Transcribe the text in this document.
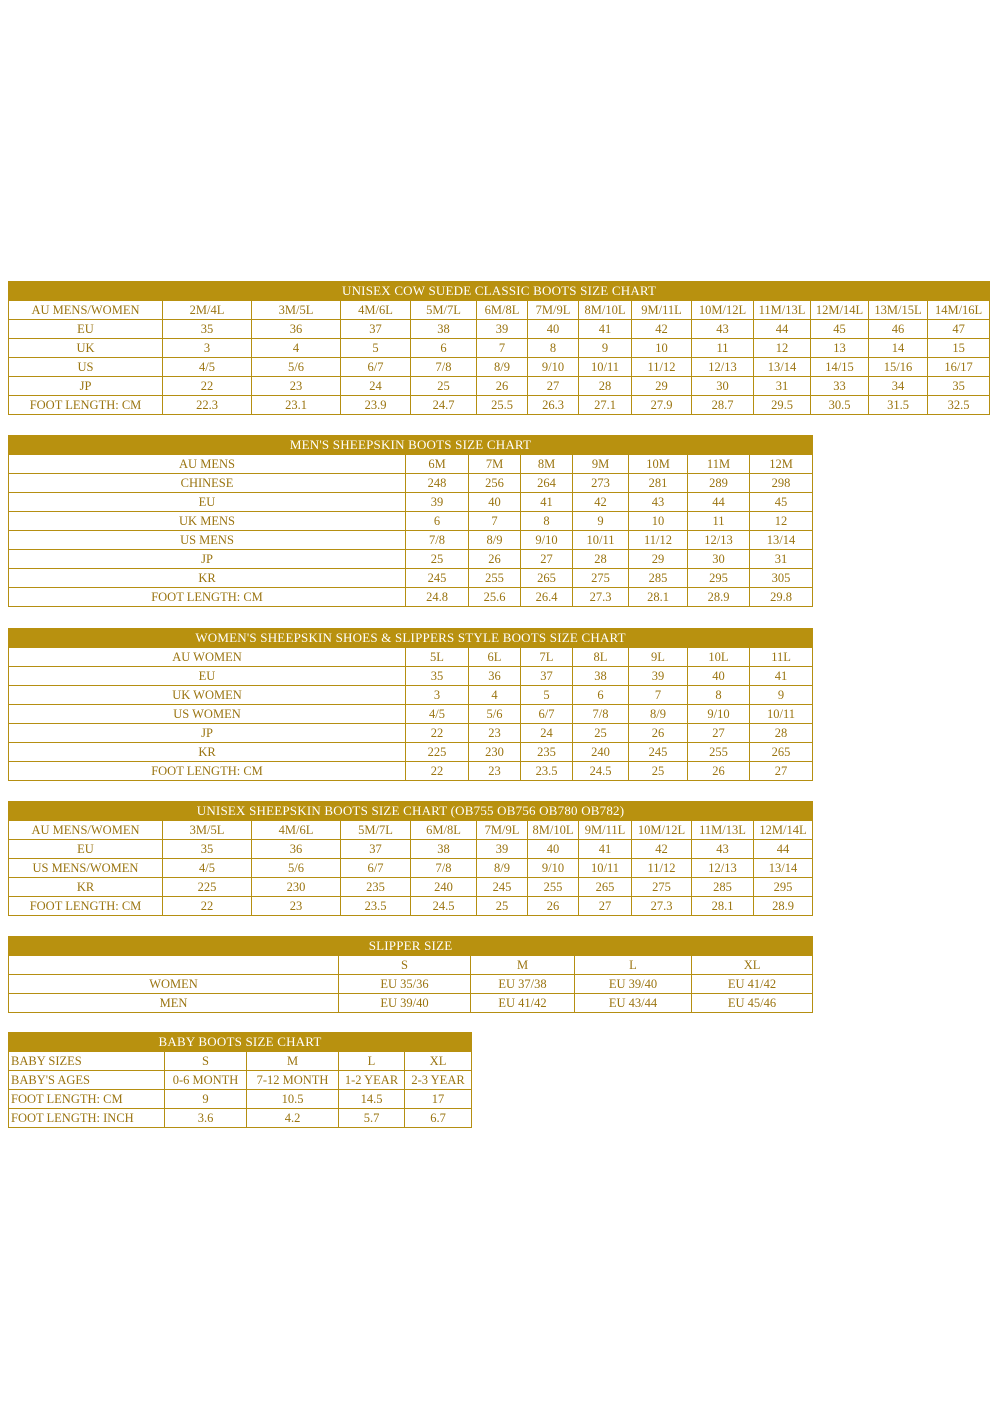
UNISEX COW SUEDE CLASSIC BOOTS SIZE CHART													
AU MENS/WOMEN	2M/4L	3M/5L	4M/6L	5M/7L	6M/8L	7M/9L	8M/10L	9M/11L	10M/12L	11M/13L	12M/14L	13M/15L	14M/16L
EU	35	36	37	38	39	40	41	42	43	44	45	46	47
UK	3	4	5	6	7	8	9	10	11	12	13	14	15
US	4/5	5/6	6/7	7/8	8/9	9/10	10/11	11/12	12/13	13/14	14/15	15/16	16/17
JP	22	23	24	25	26	27	28	29	30	31	33	34	35
FOOT LENGTH: CM	22.3	23.1	23.9	24.7	25.5	26.3	27.1	27.9	28.7	29.5	30.5	31.5	32.5
MEN'S SHEEPSKIN BOOTS SIZE CHART							
AU MENS	6M	7M	8M	9M	10M	11M	12M
CHINESE	248	256	264	273	281	289	298
EU	39	40	41	42	43	44	45
UK MENS	6	7	8	9	10	11	12
US MENS	7/8	8/9	9/10	10/11	11/12	12/13	13/14
JP	25	26	27	28	29	30	31
KR	245	255	265	275	285	295	305
FOOT LENGTH: CM	24.8	25.6	26.4	27.3	28.1	28.9	29.8
WOMEN'S SHEEPSKIN SHOES & SLIPPERS STYLE BOOTS SIZE CHART							
AU WOMEN	5L	6L	7L	8L	9L	10L	11L
EU	35	36	37	38	39	40	41
UK WOMEN	3	4	5	6	7	8	9
US WOMEN	4/5	5/6	6/7	7/8	8/9	9/10	10/11
JP	22	23	24	25	26	27	28
KR	225	230	235	240	245	255	265
FOOT LENGTH: CM	22	23	23.5	24.5	25	26	27
UNISEX SHEEPSKIN BOOTS SIZE CHART (OB755 OB756 OB780 OB782)										
AU MENS/WOMEN	3M/5L	4M/6L	5M/7L	6M/8L	7M/9L	8M/10L	9M/11L	10M/12L	11M/13L	12M/14L
EU	35	36	37	38	39	40	41	42	43	44
US MENS/WOMEN	4/5	5/6	6/7	7/8	8/9	9/10	10/11	11/12	12/13	13/14
KR	225	230	235	240	245	255	265	275	285	295
FOOT LENGTH: CM	22	23	23.5	24.5	25	26	27	27.3	28.1	28.9
SLIPPER SIZE				
	S	M	L	XL
WOMEN	EU 35/36	EU 37/38	EU 39/40	EU 41/42
MEN	EU 39/40	EU 41/42	EU 43/44	EU 45/46
BABY BOOTS SIZE CHART				
BABY SIZES	S	M	L	XL
BABY'S AGES	0-6 MONTH	7-12 MONTH	1-2 YEAR	2-3 YEAR
FOOT LENGTH: CM	9	10.5	14.5	17
FOOT LENGTH: INCH	3.6	4.2	5.7	6.7
